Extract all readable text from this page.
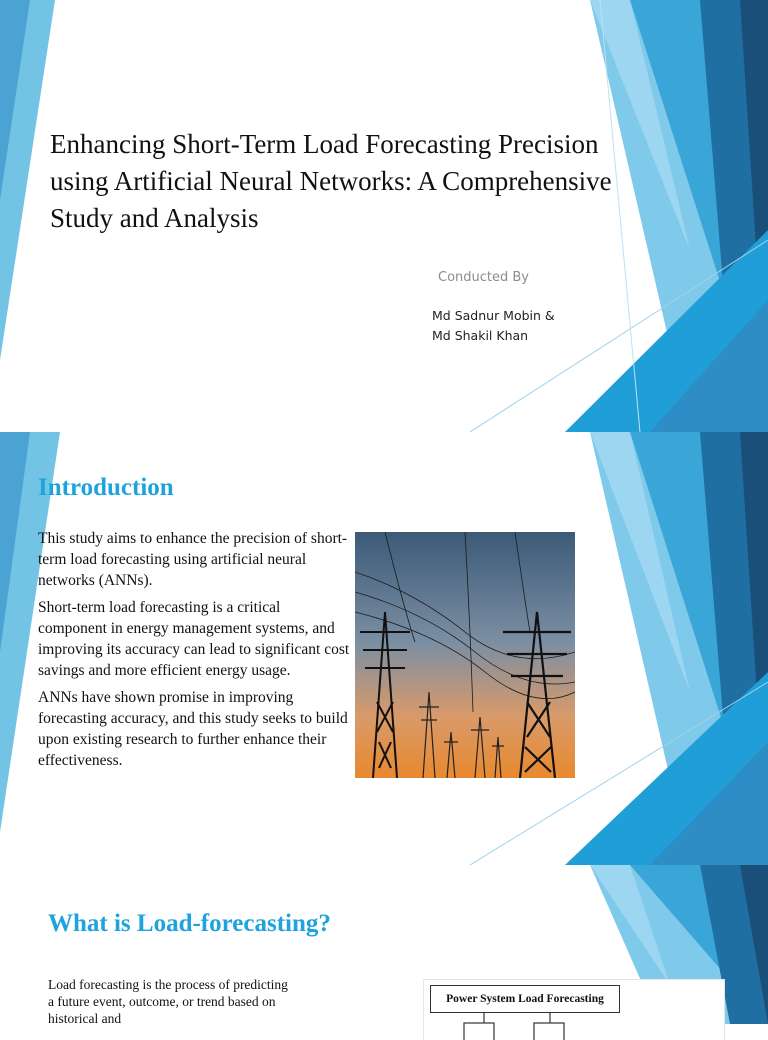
Enhancing Short-Term Load Forecasting Precision using Artificial Neural Networks: A Comprehensive Study and Analysis
Conducted By
Md Sadnur Mobin &
Md Shakil Khan
Introduction

This study aims to enhance the precision of short-term load forecasting using artificial neural networks (ANNs).

Short-term load forecasting is a critical component in energy management systems, and improving its accuracy can lead to significant cost savings and more efficient energy usage.

ANNs have shown promise in improving forecasting accuracy, and this study seeks to build upon existing research to further enhance their effectiveness.

What is Load-forecasting?
Load forecasting is the process of predicting a future event, outcome, or trend based on historical and
Power System Load Forecasting
